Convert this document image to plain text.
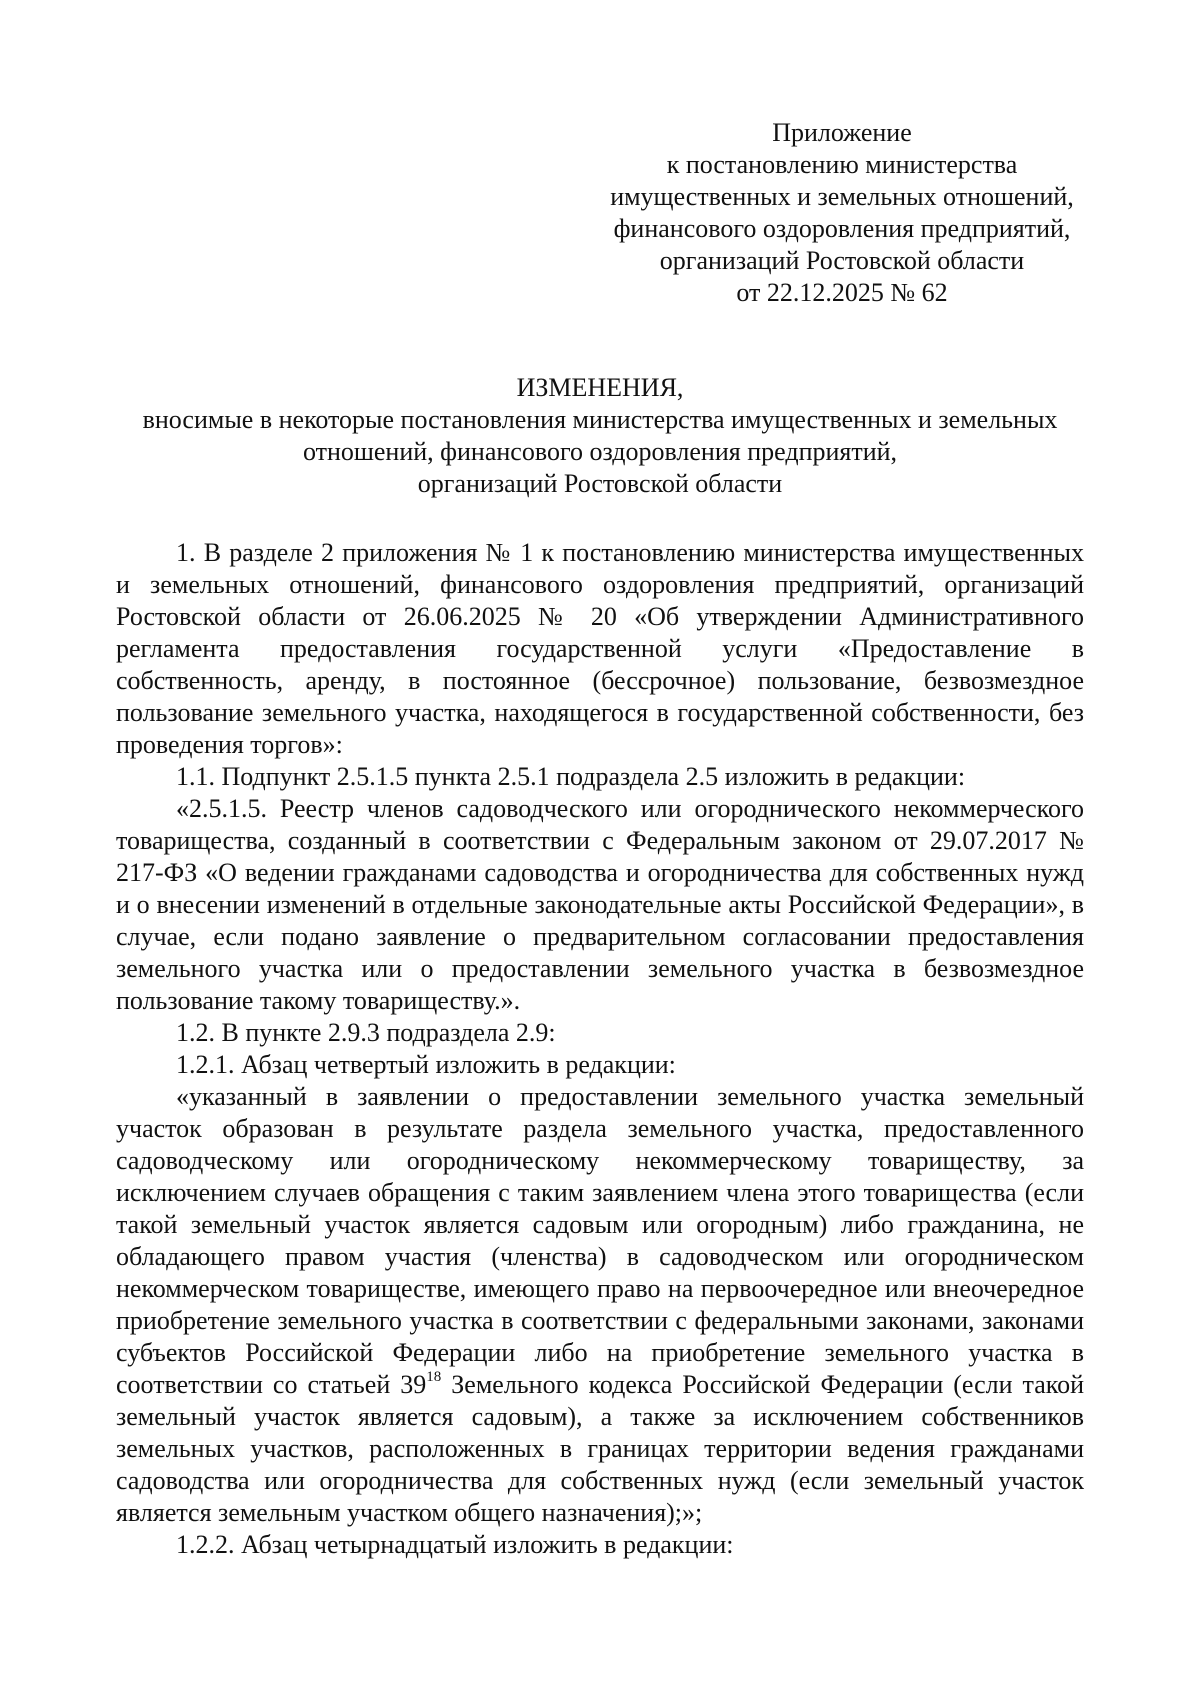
Приложение
к постановлению министерства
имущественных и земельных отношений,
финансового оздоровления предприятий,
организаций Ростовской области
от 22.12.2025 № 62
ИЗМЕНЕНИЯ,
вносимые в некоторые постановления министерства имущественных и земельных
отношений, финансового оздоровления предприятий,
организаций Ростовской области

1. В разделе 2 приложения № 1 к постановлению министерства имущественных и земельных отношений, финансового оздоровления предприятий, организаций Ростовской области от 26.06.2025 № 20 «Об утверждении Административного регламента предоставления государственной услуги «Предоставление в собственность, аренду, в постоянное (бессрочное) пользование, безвозмездное пользование земельного участка, находящегося в государственной собственности, без проведения торгов»:

1.1. Подпункт 2.5.1.5 пункта 2.5.1 подраздела 2.5 изложить в редакции:

«2.5.1.5. Реестр членов садоводческого или огороднического некоммерческого товарищества, созданный в соответствии с Федеральным законом от 29.07.2017 № 217-ФЗ «О ведении гражданами садоводства и огородничества для собственных нужд и о внесении изменений в отдельные законодательные акты Российской Федерации», в случае, если подано заявление о предварительном согласовании предоставления земельного участка или о предоставлении земельного участка в безвозмездное пользование такому товариществу.».

1.2. В пункте 2.9.3 подраздела 2.9:

1.2.1. Абзац четвертый изложить в редакции:

«указанный в заявлении о предоставлении земельного участка земельный участок образован в результате раздела земельного участка, предоставленного садоводческому или огородническому некоммерческому товариществу, за исключением случаев обращения с таким заявлением члена этого товарищества (если такой земельный участок является садовым или огородным) либо гражданина, не обладающего правом участия (членства) в садоводческом или огородническом некоммерческом товариществе, имеющего право на первоочередное или внеочередное приобретение земельного участка в соответствии с федеральными законами, законами субъектов Российской Федерации либо на приобретение земельного участка в соответствии со статьей $39^{18}$ Земельного кодекса Российской Федерации (если такой земельный участок является садовым), а также за исключением собственников земельных участков, расположенных в границах территории ведения гражданами садоводства или огородничества для собственных нужд (если земельный участок является земельным участком общего назначения);»;

1.2.2. Абзац четырнадцатый изложить в редакции:
